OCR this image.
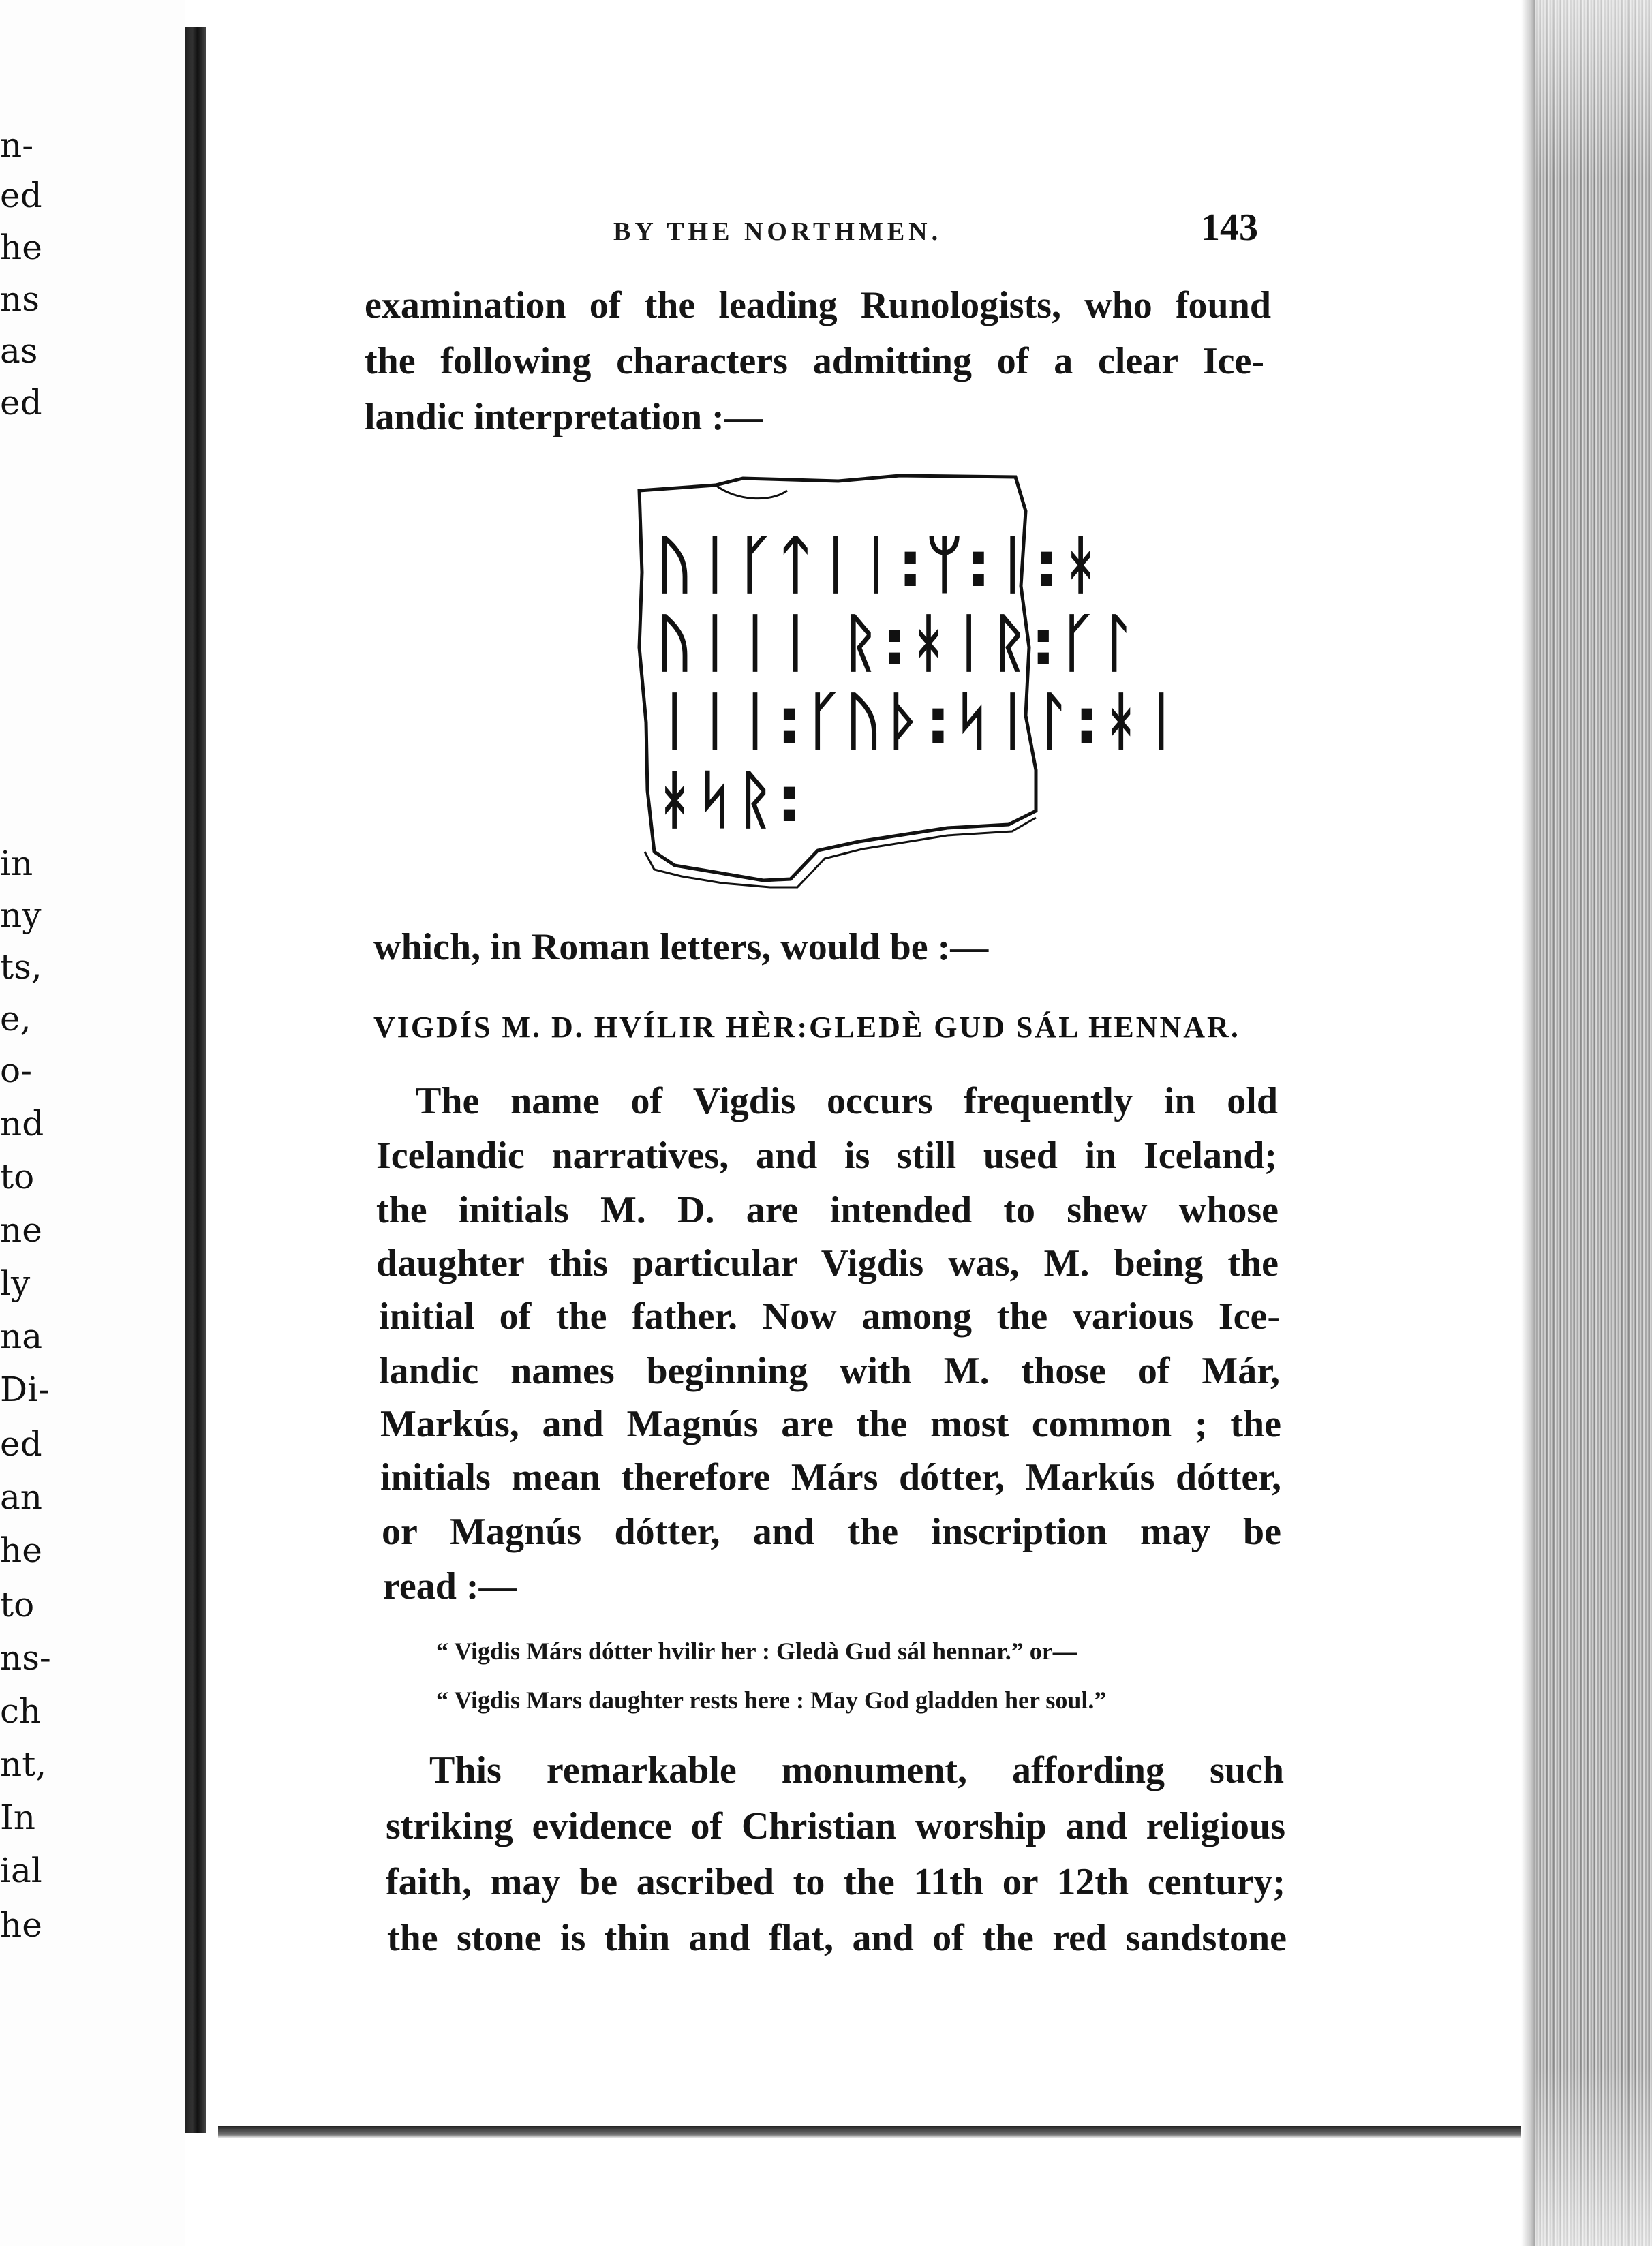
n-
ed
he
ns
as
ed
in
ny
ts,
e,
o-
nd
to
ne
ly
na
Di-
ed
an
he
to
ns-
ch
nt,
In
ial
he
BY THE NORTHMEN.	143
examination of the leading Runologists, who found
the following characters admitting of a clear Ice-
landic interpretation :—
ᚢᛁᚴᛏᛁᛁ:ᛘ:ᛁ:ᚼ
ᚢᛁᛁᛁ ᚱ:ᚼᛁᚱ:ᚴᛚ
ᛁᛁᛁ:ᚴᚢᚦ:ᛋᛁᛚ:ᚼᛁ
ᚼᛋᚱ:
which, in Roman letters, would be :—
VIGDÍS M. D. HVÍLIR HÈR:GLEDÈ GUD SÁL HENNAR.
The name of Vigdis occurs frequently in old
Icelandic narratives, and is still used in Iceland;
the initials M. D. are intended to shew whose
daughter this particular Vigdis was, M. being the
initial of the father. Now among the various Ice-
landic names beginning with M. those of Már,
Markús, and Magnús are the most common ; the
initials mean therefore Márs dótter, Markús dótter,
or Magnús dótter, and the inscription may be
read :—
“ Vigdis Márs dótter hvilir her : Gledà Gud sál hennar.” or—
“ Vigdis Mars daughter rests here : May God gladden her soul.”
This remarkable monument, affording such
striking evidence of Christian worship and religious
faith, may be ascribed to the 11th or 12th century;
the stone is thin and flat, and of the red sandstone
